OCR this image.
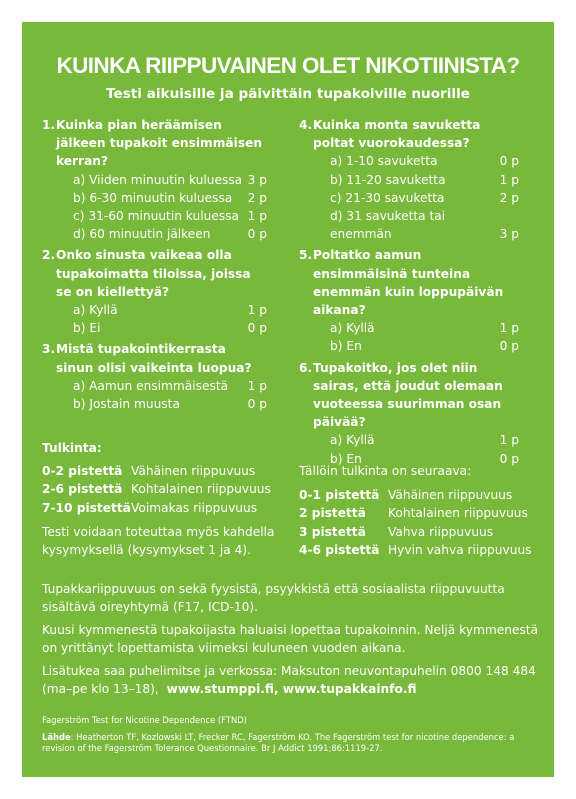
KUINKA RIIPPUVAINEN OLET NIKOTIINISTA?
Testi aikuisille ja päivittäin tupakoiville nuorille
1. Kuinka pian heräämisen jälkeen tupakoit ensimmäisen kerran?
a) Viiden minuutin kuluessa 3 p
b) 6-30 minuutin kuluessa 2 p
c) 31-60 minuutin kuluessa 1 p
d) 60 minuutin jälkeen	0 p
2. Onko sinusta vaikeaa olla tupakoimatta tiloissa, joissa se on kiellettyä?
a) Kyllä	1 p
b) Ei	0 p
3. Mistä tupakointikerrasta sinun olisi vaikeinta luopua?
a) Aamun ensimmäisestä 1 p
b) Jostain muusta	0 p
4. Kuinka monta savuketta poltat vuorokaudessa?
a) 1-10 savuketta	0 p
b) 11-20 savuketta	1 p
c) 21-30 savuketta	2 p
d) 31 savuketta tai
enemmän	3 p
5. Poltatko aamun ensimmäisinä tunteina enemmän kuin loppupäivän aikana?
a) Kyllä	1 p
b) En	0 p
6. Tupakoitko, jos olet niin sairas, että joudut olemaan vuoteessa suurimman osan päivää?
a) Kyllä	1 p
b) En	0 p
Tulkinta:
0-2 pistettä Vähäinen riippuvuus
2-6 pistettä Kohtalainen riippuvuus
7-10 pistettä Voimakas riippuvuus
Testi voidaan toteuttaa myös kahdella kysymyksellä (kysymykset 1 ja 4).
Tällöin tulkinta on seuraava:
0-1 pistettä Vähäinen riippuvuus
2 pistettä	Kohtalainen riippuvuus
3 pistettä	Vahva riippuvuus
4-6 pistettä Hyvin vahva riippuvuus

Tupakkariippuvuus on sekä fyysistä, psyykkistä että sosiaalista riippuvuutta sisältävä oireyhtymä (F17, ICD-10).

Kuusi kymmenestä tupakoijasta haluaisi lopettaa tupakoinnin. Neljä kymmenestä on yrittänyt lopettamista viimeksi kuluneen vuoden aikana.

Lisätukea saa puhelimitse ja verkossa: Maksuton neuvontapuhelin 0800 148 484 (ma–pe klo 13–18), www.stumppi.fi, www.tupakkainfo.fi

Fagerström Test for Nicotine Dependence (FTND)

Lähde: Heatherton TF, Kozlowski LT, Frecker RC, Fagerström KO. The Fagerström test for nicotine dependence: a revision of the Fagerström Tolerance Questionnaire. Br J Addict 1991;86:1119-27.
